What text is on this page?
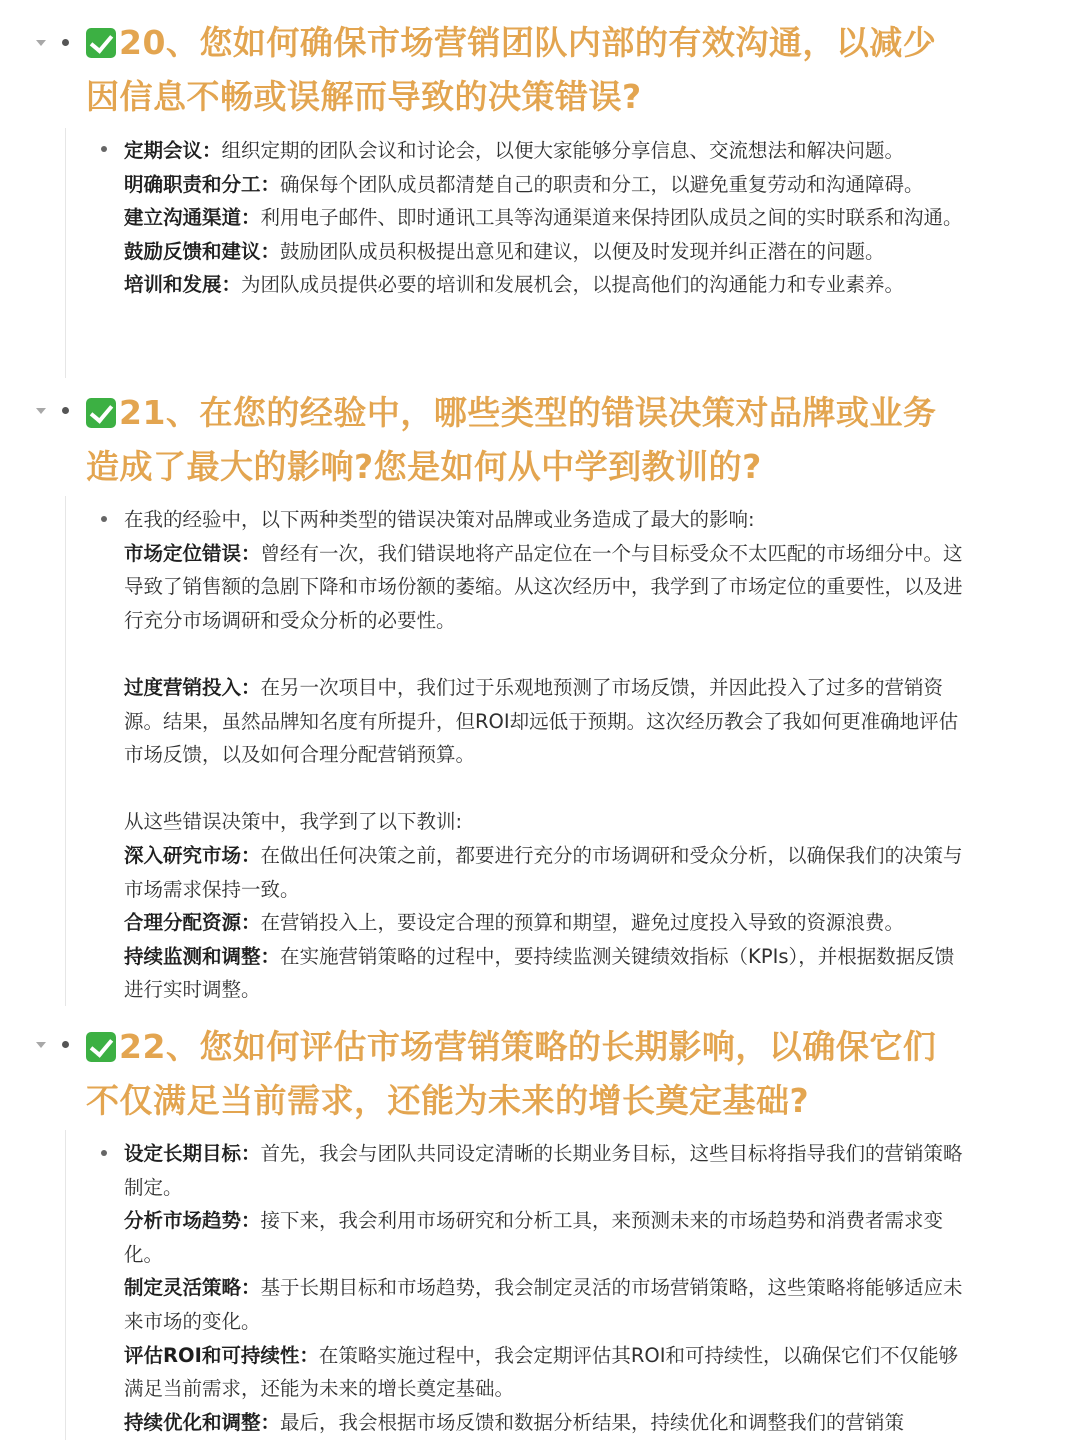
20、您如何确保市场营销团队内部的有效沟通，以减少因信息不畅或误解而导致的决策错误?

定期会议：组织定期的团队会议和讨论会，以便大家能够分享信息、交流想法和解决问题。

明确职责和分工：确保每个团队成员都清楚自己的职责和分工，以避免重复劳动和沟通障碍。

建立沟通渠道：利用电子邮件、即时通讯工具等沟通渠道来保持团队成员之间的实时联系和沟通。

鼓励反馈和建议：鼓励团队成员积极提出意见和建议，以便及时发现并纠正潜在的问题。

培训和发展：为团队成员提供必要的培训和发展机会，以提高他们的沟通能力和专业素养。

21、在您的经验中，哪些类型的错误决策对品牌或业务造成了最大的影响?您是如何从中学到教训的?

在我的经验中，以下两种类型的错误决策对品牌或业务造成了最大的影响:

市场定位错误：曾经有一次，我们错误地将产品定位在一个与目标受众不太匹配的市场细分中。这导致了销售额的急剧下降和市场份额的萎缩。从这次经历中，我学到了市场定位的重要性，以及进行充分市场调研和受众分析的必要性。

过度营销投入：在另一次项目中，我们过于乐观地预测了市场反馈，并因此投入了过多的营销资源。结果，虽然品牌知名度有所提升，但ROI却远低于预期。这次经历教会了我如何更准确地评估市场反馈，以及如何合理分配营销预算。

从这些错误决策中，我学到了以下教训:

深入研究市场：在做出任何决策之前，都要进行充分的市场调研和受众分析，以确保我们的决策与市场需求保持一致。

合理分配资源：在营销投入上，要设定合理的预算和期望，避免过度投入导致的资源浪费。

持续监测和调整：在实施营销策略的过程中，要持续监测关键绩效指标（KPIs），并根据数据反馈进行实时调整。

22、您如何评估市场营销策略的长期影响，以确保它们不仅满足当前需求，还能为未来的增长奠定基础?

设定长期目标：首先，我会与团队共同设定清晰的长期业务目标，这些目标将指导我们的营销策略制定。

分析市场趋势：接下来，我会利用市场研究和分析工具，来预测未来的市场趋势和消费者需求变化。

制定灵活策略：基于长期目标和市场趋势，我会制定灵活的市场营销策略，这些策略将能够适应未来市场的变化。

评估ROI和可持续性：在策略实施过程中，我会定期评估其ROI和可持续性，以确保它们不仅能够满足当前需求，还能为未来的增长奠定基础。

持续优化和调整：最后，我会根据市场反馈和数据分析结果，持续优化和调整我们的营销策
